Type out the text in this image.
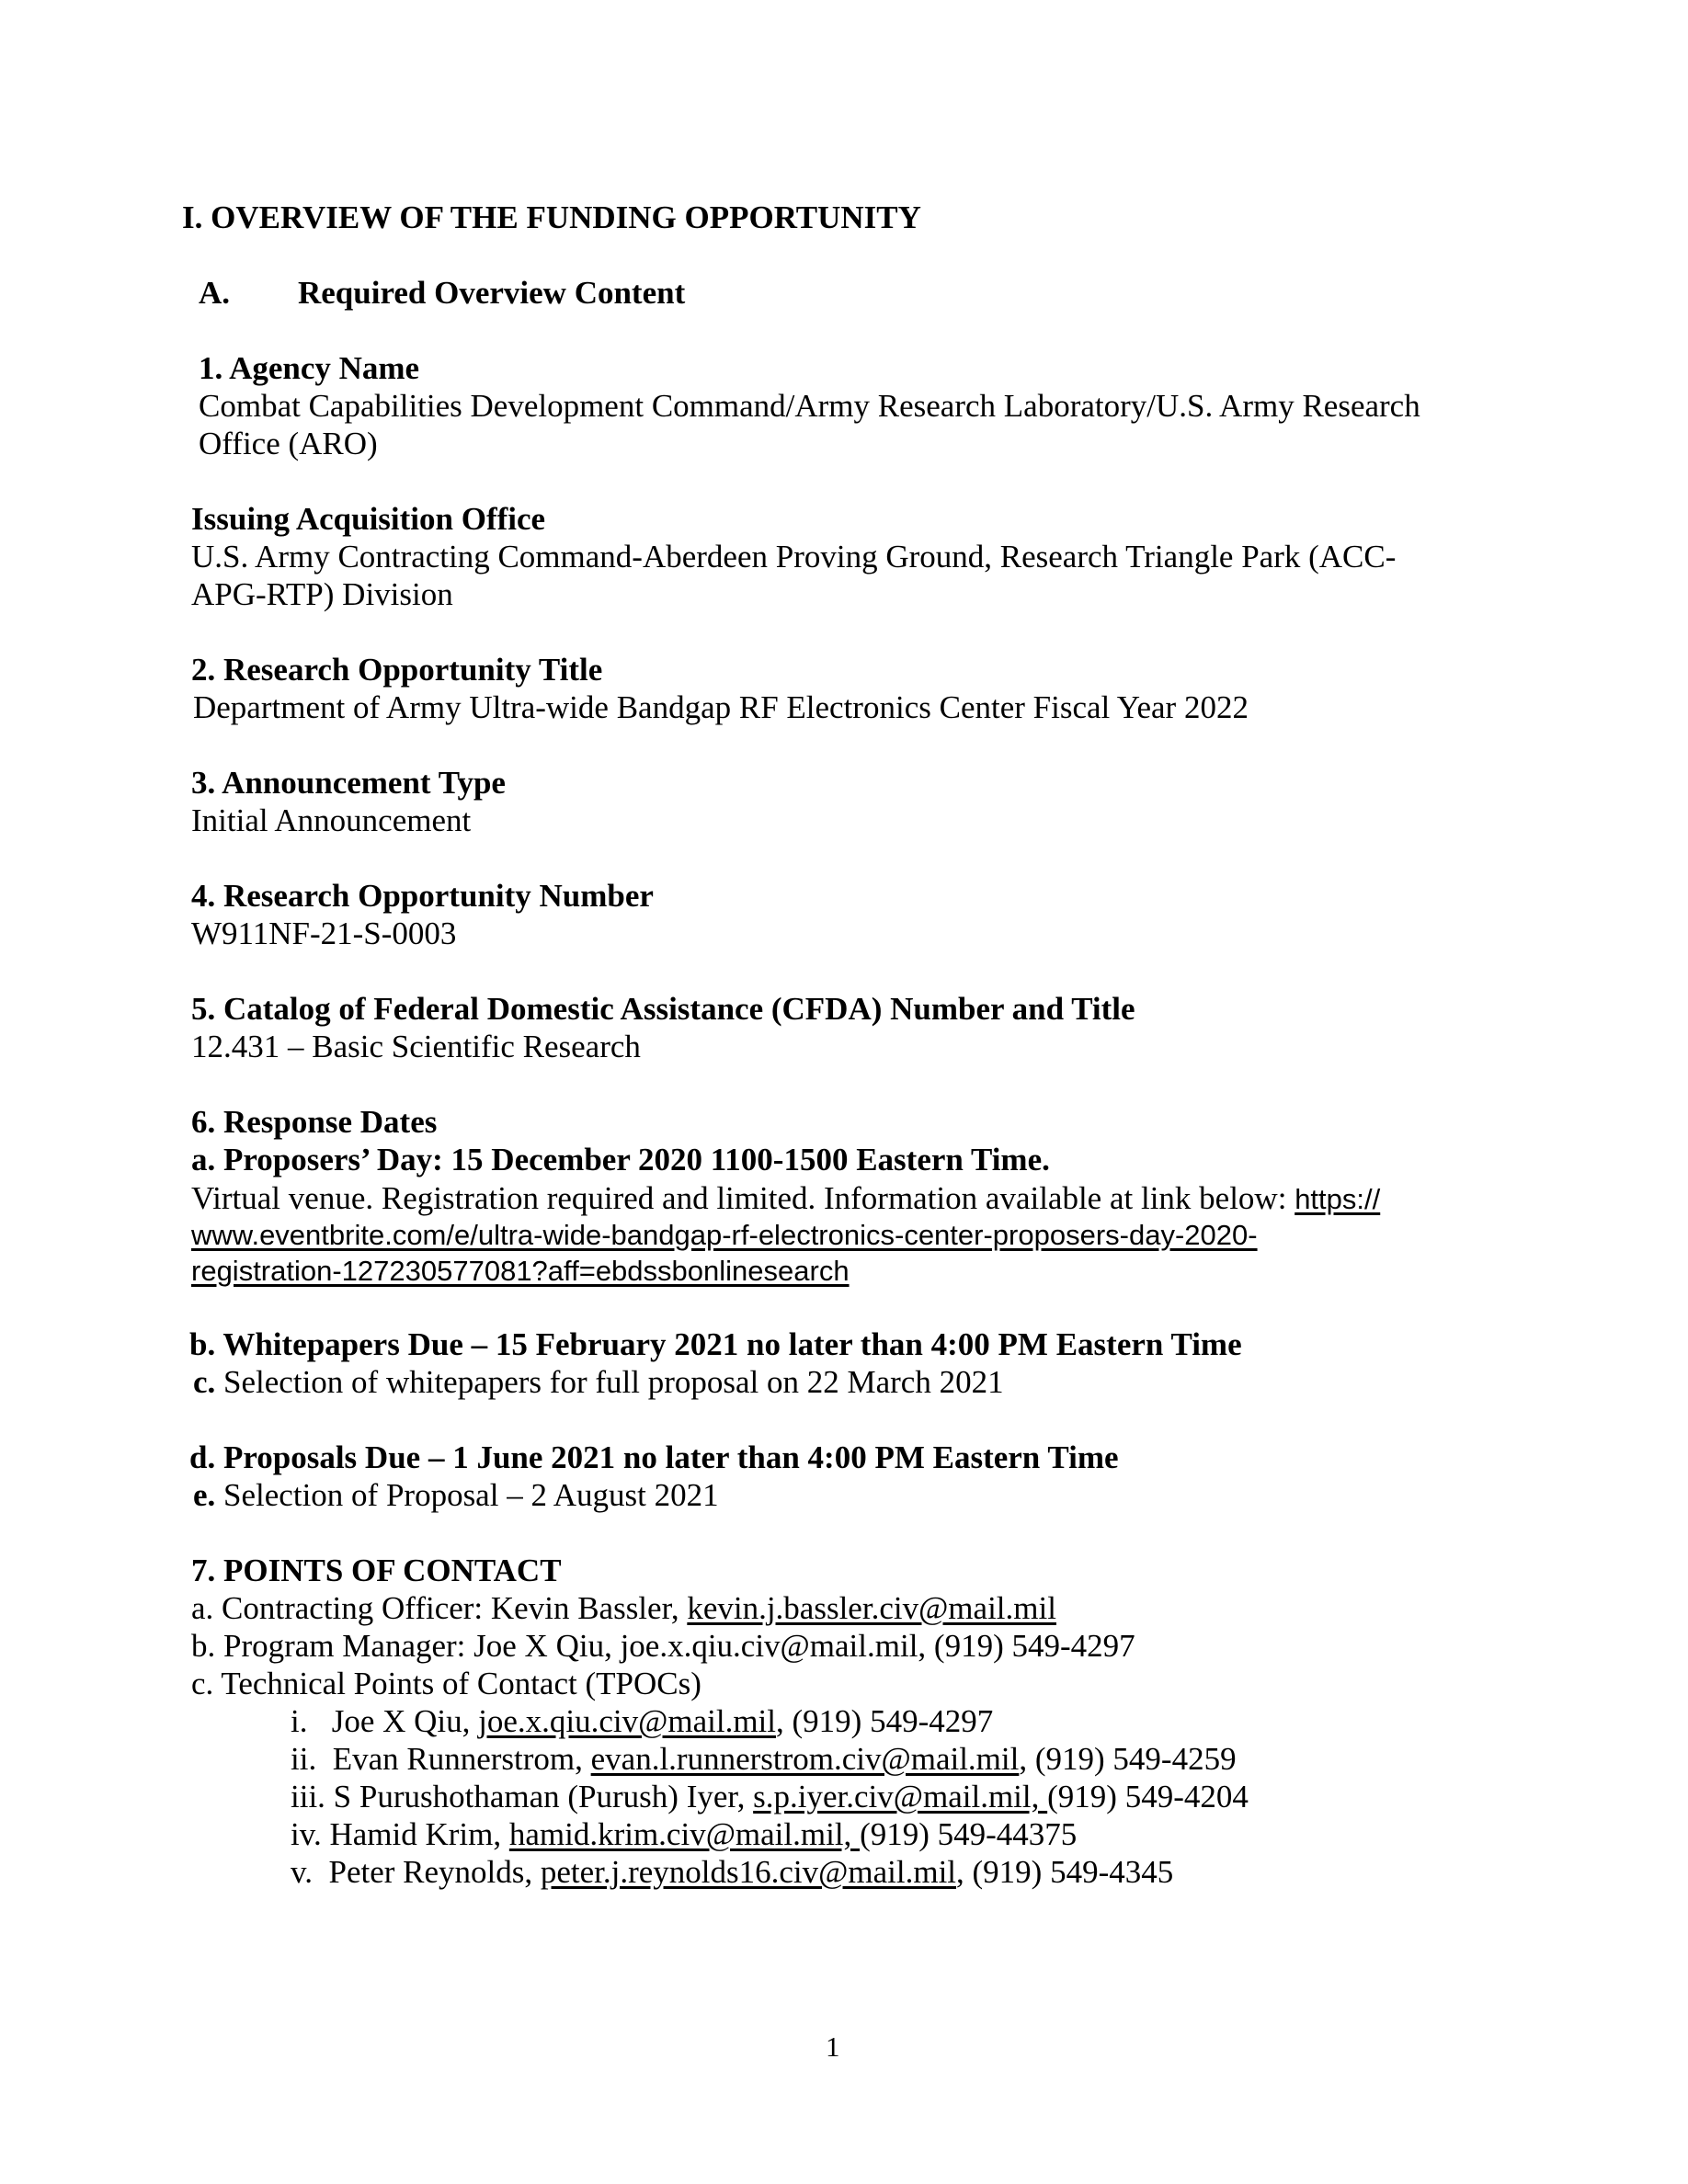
I. OVERVIEW OF THE FUNDING OPPORTUNITY
A. Required Overview Content
1. Agency Name
Combat Capabilities Development Command/Army Research Laboratory/U.S. Army Research
Office (ARO)
Issuing Acquisition Office
U.S. Army Contracting Command-Aberdeen Proving Ground, Research Triangle Park (ACC-
APG-RTP) Division
2. Research Opportunity Title
Department of Army Ultra-wide Bandgap RF Electronics Center Fiscal Year 2022
3. Announcement Type
Initial Announcement
4. Research Opportunity Number
W911NF-21-S-0003
5. Catalog of Federal Domestic Assistance (CFDA) Number and Title
12.431 – Basic Scientific Research
6. Response Dates
a. Proposers’ Day: 15 December 2020 1100-1500 Eastern Time.
Virtual venue. Registration required and limited. Information available at link below: https://
www.eventbrite.com/e/ultra-wide-bandgap-rf-electronics-center-proposers-day-2020-
registration-127230577081?aff=ebdssbonlinesearch
b. Whitepapers Due – 15 February 2021 no later than 4:00 PM Eastern Time
c. Selection of whitepapers for full proposal on 22 March 2021
d. Proposals Due – 1 June 2021 no later than 4:00 PM Eastern Time
e. Selection of Proposal – 2 August 2021
7. POINTS OF CONTACT
a. Contracting Officer: Kevin Bassler, kevin.j.bassler.civ@mail.mil
b. Program Manager: Joe X Qiu, joe.x.qiu.civ@mail.mil, (919) 549-4297
c. Technical Points of Contact (TPOCs)
i.   Joe X Qiu, joe.x.qiu.civ@mail.mil, (919) 549-4297
ii.  Evan Runnerstrom, evan.l.runnerstrom.civ@mail.mil, (919) 549-4259
iii. S Purushothaman (Purush) Iyer, s.p.iyer.civ@mail.mil, (919) 549-4204
iv. Hamid Krim, hamid.krim.civ@mail.mil, (919) 549-44375
v.  Peter Reynolds, peter.j.reynolds16.civ@mail.mil, (919) 549-4345
1
